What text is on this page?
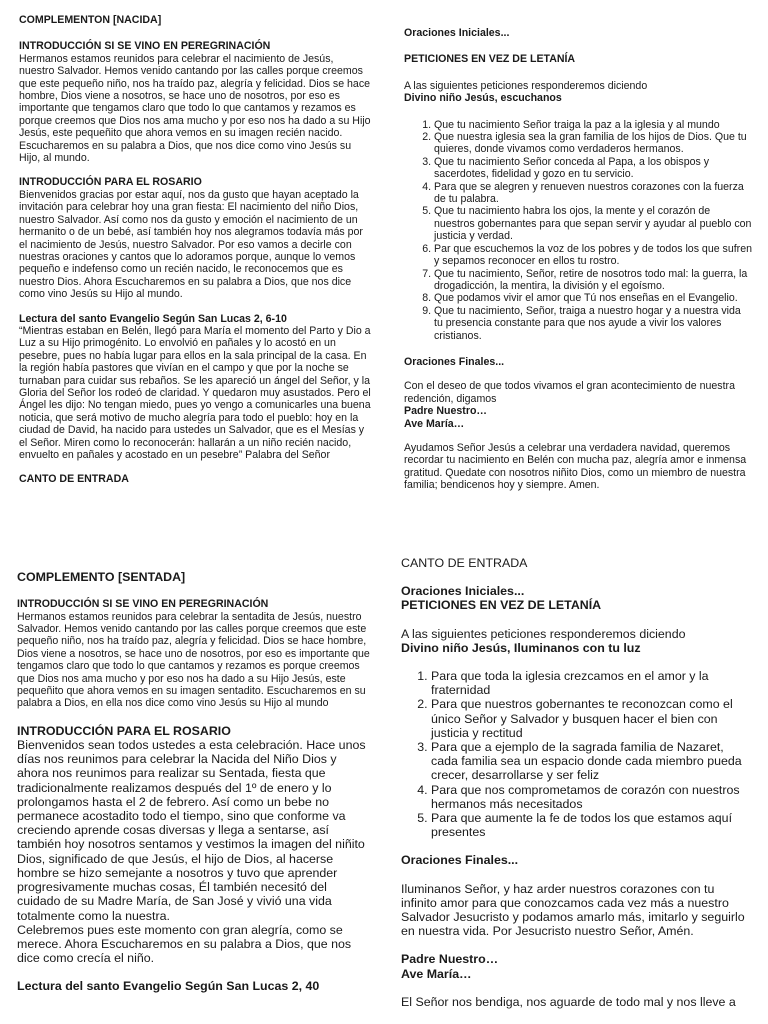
COMPLEMENTON [NACIDA]

INTRODUCCIÓN SI SE VINO EN PEREGRINACIÓN

Hermanos estamos reunidos para celebrar el nacimiento de Jesús, nuestro Salvador. Hemos venido cantando por las calles porque creemos que este pequeño niño, nos ha traído paz, alegría y felicidad. Dios se hace hombre, Dios viene a nosotros, se hace uno de nosotros, por eso es importante que tengamos claro que todo lo que cantamos y rezamos es porque creemos que Dios nos ama mucho y por eso nos ha dado a su Hijo Jesús, este pequeñito que ahora vemos en su imagen recién nacido. Escucharemos en su palabra a Dios, que nos dice como vino Jesús su Hijo, al mundo.

INTRODUCCIÓN PARA EL ROSARIO

Bienvenidos gracias por estar aquí, nos da gusto que hayan aceptado la invitación para celebrar hoy una gran fiesta: El nacimiento del niño Dios, nuestro Salvador. Así como nos da gusto y emoción el nacimiento de un hermanito o de un bebé, así también hoy nos alegramos todavía más por el nacimiento de Jesús, nuestro Salvador. Por eso vamos a decirle con nuestras oraciones y cantos que lo adoramos porque, aunque lo vemos pequeño e indefenso como un recién nacido, le reconocemos que es nuestro Dios. Ahora Escucharemos en su palabra a Dios, que nos dice como vino Jesús su Hijo al mundo.

Lectura del santo Evangelio Según San Lucas 2, 6-10

“Mientras estaban en Belén, llegó para María el momento del Parto y Dio a Luz a su Hijo primogénito. Lo envolvió en pañales y lo acostó en un pesebre, pues no había lugar para ellos en la sala principal de la casa. En la región había pastores que vivían en el campo y que por la noche se turnaban para cuidar sus rebaños. Se les apareció un ángel del Señor, y la Gloria del Señor los rodeó de claridad. Y quedaron muy asustados. Pero el Ángel les dijo: No tengan miedo, pues yo vengo a comunicarles una buena noticia, que será motivo de mucho alegría para todo el pueblo: hoy en la ciudad de David, ha nacido para ustedes un Salvador, que es el Mesías y el Señor. Miren como lo reconocerán: hallarán a un niño recién nacido, envuelto en pañales y acostado en un pesebre” Palabra del Señor

CANTO DE ENTRADA

Oraciones Iniciales...

PETICIONES EN VEZ DE LETANÍA

A las siguientes peticiones responderemos diciendo

Divino niño Jesús, escuchanos

1. Que tu nacimiento Señor traiga la paz a la iglesia y al mundo
2. Que nuestra iglesia sea la gran familia de los hijos de Dios. Que tu quieres, donde vivamos como verdaderos hermanos.
3. Que tu nacimiento Señor conceda al Papa, a los obispos y sacerdotes, fidelidad y gozo en tu servicio.
4. Para que se alegren y renueven nuestros corazones con la fuerza de tu palabra.
5. Que tu nacimiento habra los ojos, la mente y el corazón de nuestros gobernantes para que sepan servir y ayudar al pueblo con justicia y verdad.
6. Par que escuchemos la voz de los pobres y de todos los que sufren y sepamos reconocer en ellos tu rostro.
7. Que tu nacimiento, Señor, retire de nosotros todo mal: la guerra, la drogadicción, la mentira, la división y el egoísmo.
8. Que podamos vivir el amor que Tú nos enseñas en el Evangelio.
9. Que tu nacimiento, Señor, traiga a nuestro hogar y a nuestra vida tu presencia constante para que nos ayude a vivir los valores cristianos.

Oraciones Finales...

Con el deseo de que todos vivamos el gran acontecimiento de nuestra redención, digamos

Padre Nuestro…

Ave María…

Ayudamos Señor Jesús a celebrar una verdadera navidad, queremos recordar tu nacimiento en Belén con mucha paz, alegría amor e inmensa gratitud. Quedate con nosotros niñito Dios, como un miembro de nuestra familia; bendicenos hoy y siempre. Amen.

COMPLEMENTO [SENTADA]

INTRODUCCIÓN SI SE VINO EN PEREGRINACIÓN

Hermanos estamos reunidos para celebrar la sentadita de Jesús, nuestro Salvador. Hemos venido cantando por las calles porque creemos que este pequeño niño, nos ha traído paz, alegría y felicidad. Dios se hace hombre, Dios viene a nosotros, se hace uno de nosotros, por eso es importante que tengamos claro que todo lo que cantamos y rezamos es porque creemos que Dios nos ama mucho y por eso nos ha dado a su Hijo Jesús, este pequeñito que ahora vemos en su imagen sentadito. Escucharemos en su palabra a Dios, en ella nos dice como vino Jesús su Hijo al mundo

INTRODUCCIÓN PARA EL ROSARIO

Bienvenidos sean todos ustedes a esta celebración. Hace unos días nos reunimos para celebrar la Nacida del Niño Dios y ahora nos reunimos para realizar su Sentada, fiesta que tradicionalmente realizamos después del 1º de enero y lo prolongamos hasta el 2 de febrero. Así como un bebe no permanece acostadito todo el tiempo, sino que conforme va creciendo aprende cosas diversas y llega a sentarse, así también hoy nosotros sentamos y vestimos la imagen del niñito Dios, significado de que Jesús, el hijo de Dios, al hacerse hombre se hizo semejante a nosotros y tuvo que aprender progresivamente muchas cosas, Él también necesitó del cuidado de su Madre María, de San José y vivió una vida totalmente como la nuestra.

Celebremos pues este momento con gran alegría, como se merece. Ahora Escucharemos en su palabra a Dios, que nos dice como crecía el niño.

Lectura del santo Evangelio Según San Lucas 2, 40

CANTO DE ENTRADA

Oraciones Iniciales...

PETICIONES EN VEZ DE LETANÍA

A las siguientes peticiones responderemos diciendo

Divino niño Jesús, Iluminanos con tu luz

1. Para que toda la iglesia crezcamos en el amor y la fraternidad
2. Para que nuestros gobernantes te reconozcan como el único Señor y Salvador y busquen hacer el bien con justicia y rectitud
3. Para que a ejemplo de la sagrada familia de Nazaret, cada familia sea un espacio donde cada miembro pueda crecer, desarrollarse y ser feliz
4. Para que nos comprometamos de corazón con nuestros hermanos más necesitados
5. Para que aumente la fe de todos los que estamos aquí presentes

Oraciones Finales...

Iluminanos Señor, y haz arder nuestros corazones con tu infinito amor para que conozcamos cada vez más a nuestro Salvador Jesucristo y podamos amarlo más, imitarlo y seguirlo en nuestra vida. Por Jesucristo nuestro Señor, Amén.

Padre Nuestro…

Ave María…

El Señor nos bendiga, nos aguarde de todo mal y nos lleve a
